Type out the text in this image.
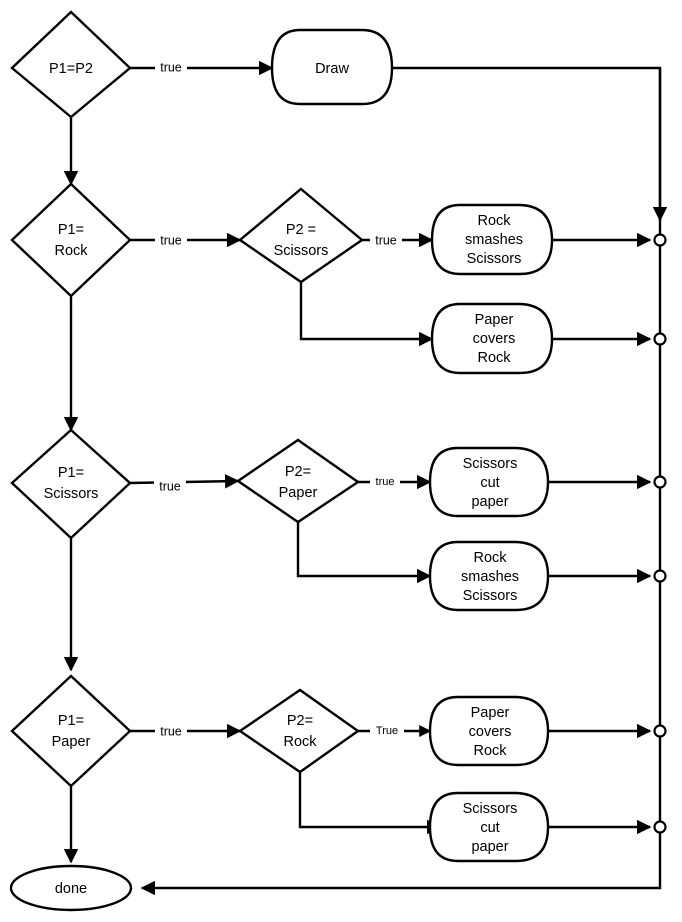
P1=P2	Draw
P1=
Rock
P2 =
Scissors
Rock
smashes
Scissors
Paper
covers
Rock
P1=
Scissors
P2=
Paper
Scissors
cut
paper
Rock
smashes
Scissors
P1=
Paper
P2=
Rock
Paper
covers
Rock
Scissors
cut
paper
done
true
true	true
true	true
true	True
